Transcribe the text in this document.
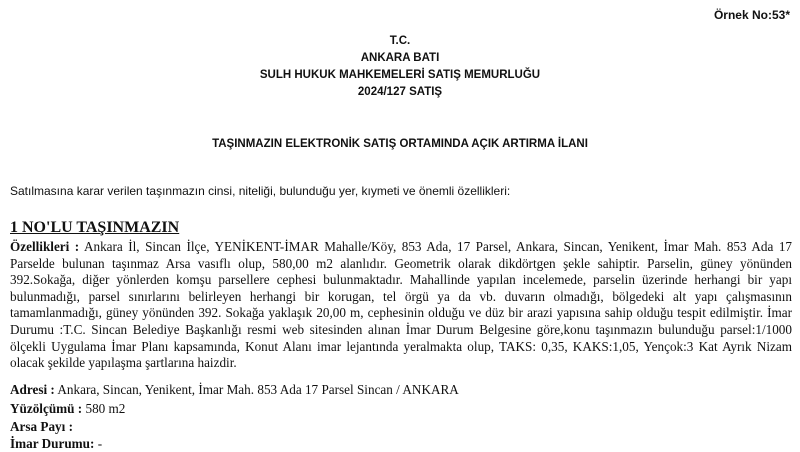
Örnek No:53*
T.C.
ANKARA BATI
SULH HUKUK MAHKEMELERİ SATIŞ MEMURLUĞU
2024/127 SATIŞ
TAŞINMAZIN ELEKTRONİK SATIŞ ORTAMINDA AÇIK ARTIRMA İLANI
Satılmasına karar verilen taşınmazın cinsi, niteliği, bulunduğu yer, kıymeti ve önemli özellikleri:
1 NO'LU TAŞINMAZIN
Özellikleri : Ankara İl, Sincan İlçe, YENİKENT-İMAR Mahalle/Köy, 853 Ada, 17 Parsel, Ankara, Sincan, Yenikent, İmar Mah. 853 Ada 17 Parselde bulunan taşınmaz Arsa vasıflı olup, 580,00 m2 alanlıdır. Geometrik olarak dikdörtgen şekle sahiptir. Parselin, güney yönünden 392.Sokağa, diğer yönlerden komşu parsellere cephesi bulunmaktadır. Mahallinde yapılan incelemede, parselin üzerinde herhangi bir yapı bulunmadığı, parsel sınırlarını belirleyen herhangi bir korugan, tel örgü ya da vb. duvarın olmadığı, bölgedeki alt yapı çalışmasının tamamlanmadığı, güney yönünden 392. Sokağa yaklaşık 20,00 m, cephesinin olduğu ve düz bir arazi yapısına sahip olduğu tespit edilmiştir. İmar Durumu :T.C. Sincan Belediye Başkanlığı resmi web sitesinden alınan İmar Durum Belgesine göre,konu taşınmazın bulunduğu parsel:1/1000 ölçekli Uygulama İmar Planı kapsamında, Konut Alanı imar lejantında yeralmakta olup, TAKS: 0,35, KAKS:1,05, Yençok:3 Kat Ayrık Nizam olacak şekilde yapılaşma şartlarına haizdir.
Adresi : Ankara, Sincan, Yenikent, İmar Mah. 853 Ada 17 Parsel Sincan / ANKARA
Yüzölçümü : 580 m2
Arsa Payı :
İmar Durumu: -
